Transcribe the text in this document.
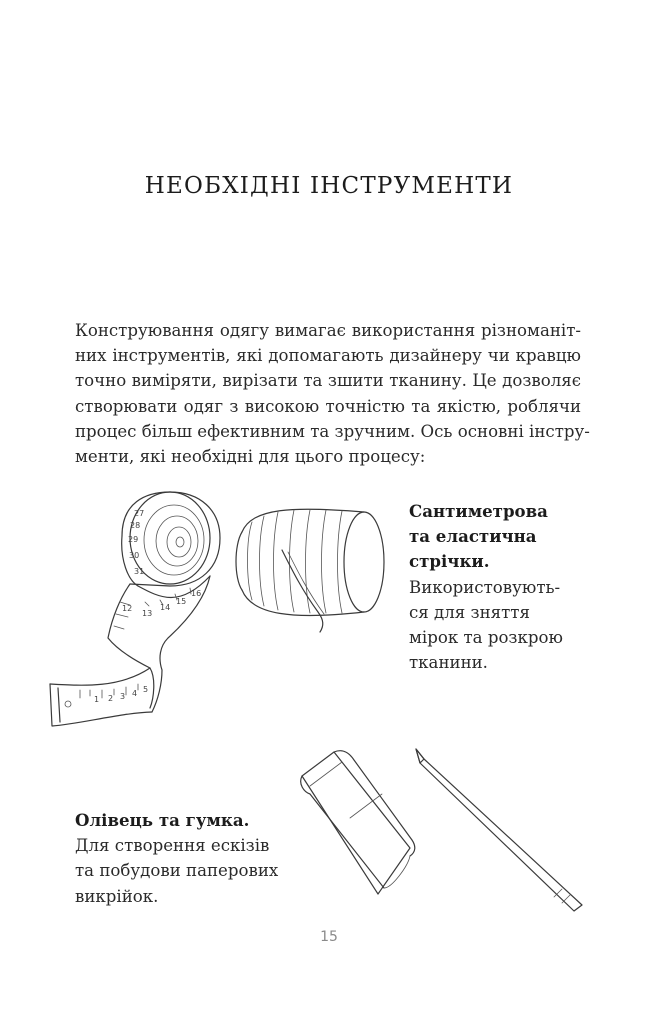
НЕОБХІДНІ ІНСТРУМЕНТИ
Конструювання одягу вимагає використання різноманіт-
них інструментів, які допомагають дизайнеру чи кравцю
точно виміряти, вирізати та зшити тканину. Це дозволяє
створювати одяг з високою точністю та якістю, роблячи
процес більш ефективним та зручним. Ось основні інстру-
менти, які необхідні для цього процесу:
27
28
29
30
31
12
13
14
15
16
1 2 3 4 5
Сантиметрова
та еластична
стрічки.
Використовують-
ся для зняття
мірок та розкрою
тканини.
Олівець та гумка.
Для створення ескізів
та побудови паперових
викрійок.
15
